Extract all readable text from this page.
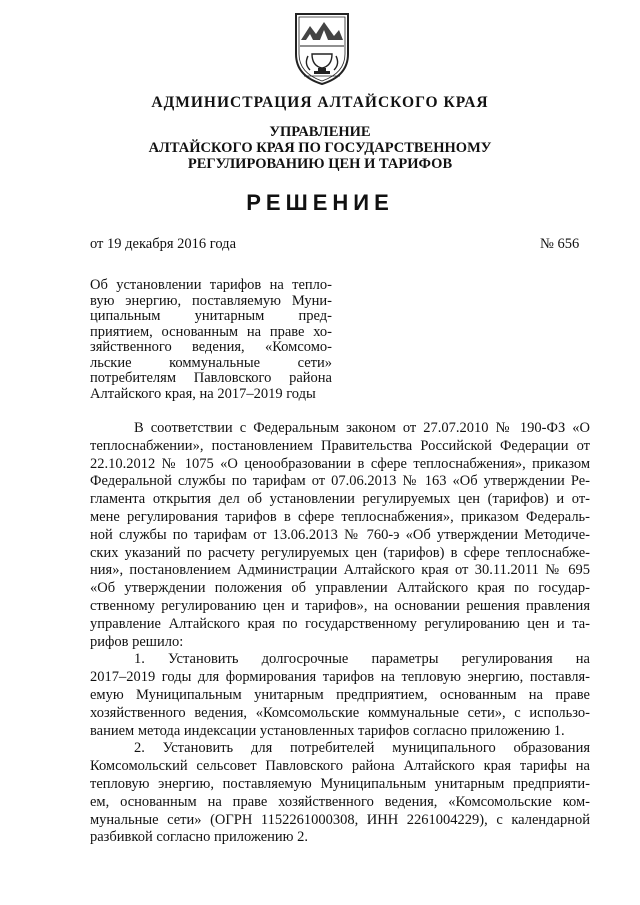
АДМИНИСТРАЦИЯ АЛТАЙСКОГО КРАЯ
УПРАВЛЕНИЕ
АЛТАЙСКОГО КРАЯ ПО ГОСУДАРСТВЕННОМУ
РЕГУЛИРОВАНИЮ ЦЕН И ТАРИФОВ
РЕШЕНИЕ
от 19 декабря 2016 года	№ 656
Об установлении тарифов на тепло-
вую энергию, поставляемую Муни-
ципальным унитарным пред-
приятием, основанным на праве хо-
зяйственного ведения, «Комсомо-
льские коммунальные сети»
потребителям Павловского района
Алтайского края, на 2017–2019 годы
В соответствии с Федеральным законом от 27.07.2010 № 190-ФЗ «О
теплоснабжении», постановлением Правительства Российской Федерации от
22.10.2012 № 1075 «О ценообразовании в сфере теплоснабжения», приказом
Федеральной службы по тарифам от 07.06.2013 № 163 «Об утверждении Ре-
гламента открытия дел об установлении регулируемых цен (тарифов) и от-
мене регулирования тарифов в сфере теплоснабжения», приказом Федераль-
ной службы по тарифам от 13.06.2013 № 760-э «Об утверждении Методиче-
ских указаний по расчету регулируемых цен (тарифов) в сфере теплоснабже-
ния», постановлением Администрации Алтайского края от 30.11.2011 № 695
«Об утверждении положения об управлении Алтайского края по государ-
ственному регулированию цен и тарифов», на основании решения правления
управление Алтайского края по государственному регулированию цен и та-
рифов решило:
1. Установить долгосрочные параметры регулирования на
2017–2019 годы для формирования тарифов на тепловую энергию, поставля-
емую Муниципальным унитарным предприятием, основанным на праве
хозяйственного ведения, «Комсомольские коммунальные сети», с использо-
ванием метода индексации установленных тарифов согласно приложению 1.
2. Установить для потребителей муниципального образования
Комсомольский сельсовет Павловского района Алтайского края тарифы на
тепловую энергию, поставляемую Муниципальным унитарным предприяти-
ем, основанным на праве хозяйственного ведения, «Комсомольские ком-
мунальные сети» (ОГРН 1152261000308, ИНН 2261004229), с календарной
разбивкой согласно приложению 2.
